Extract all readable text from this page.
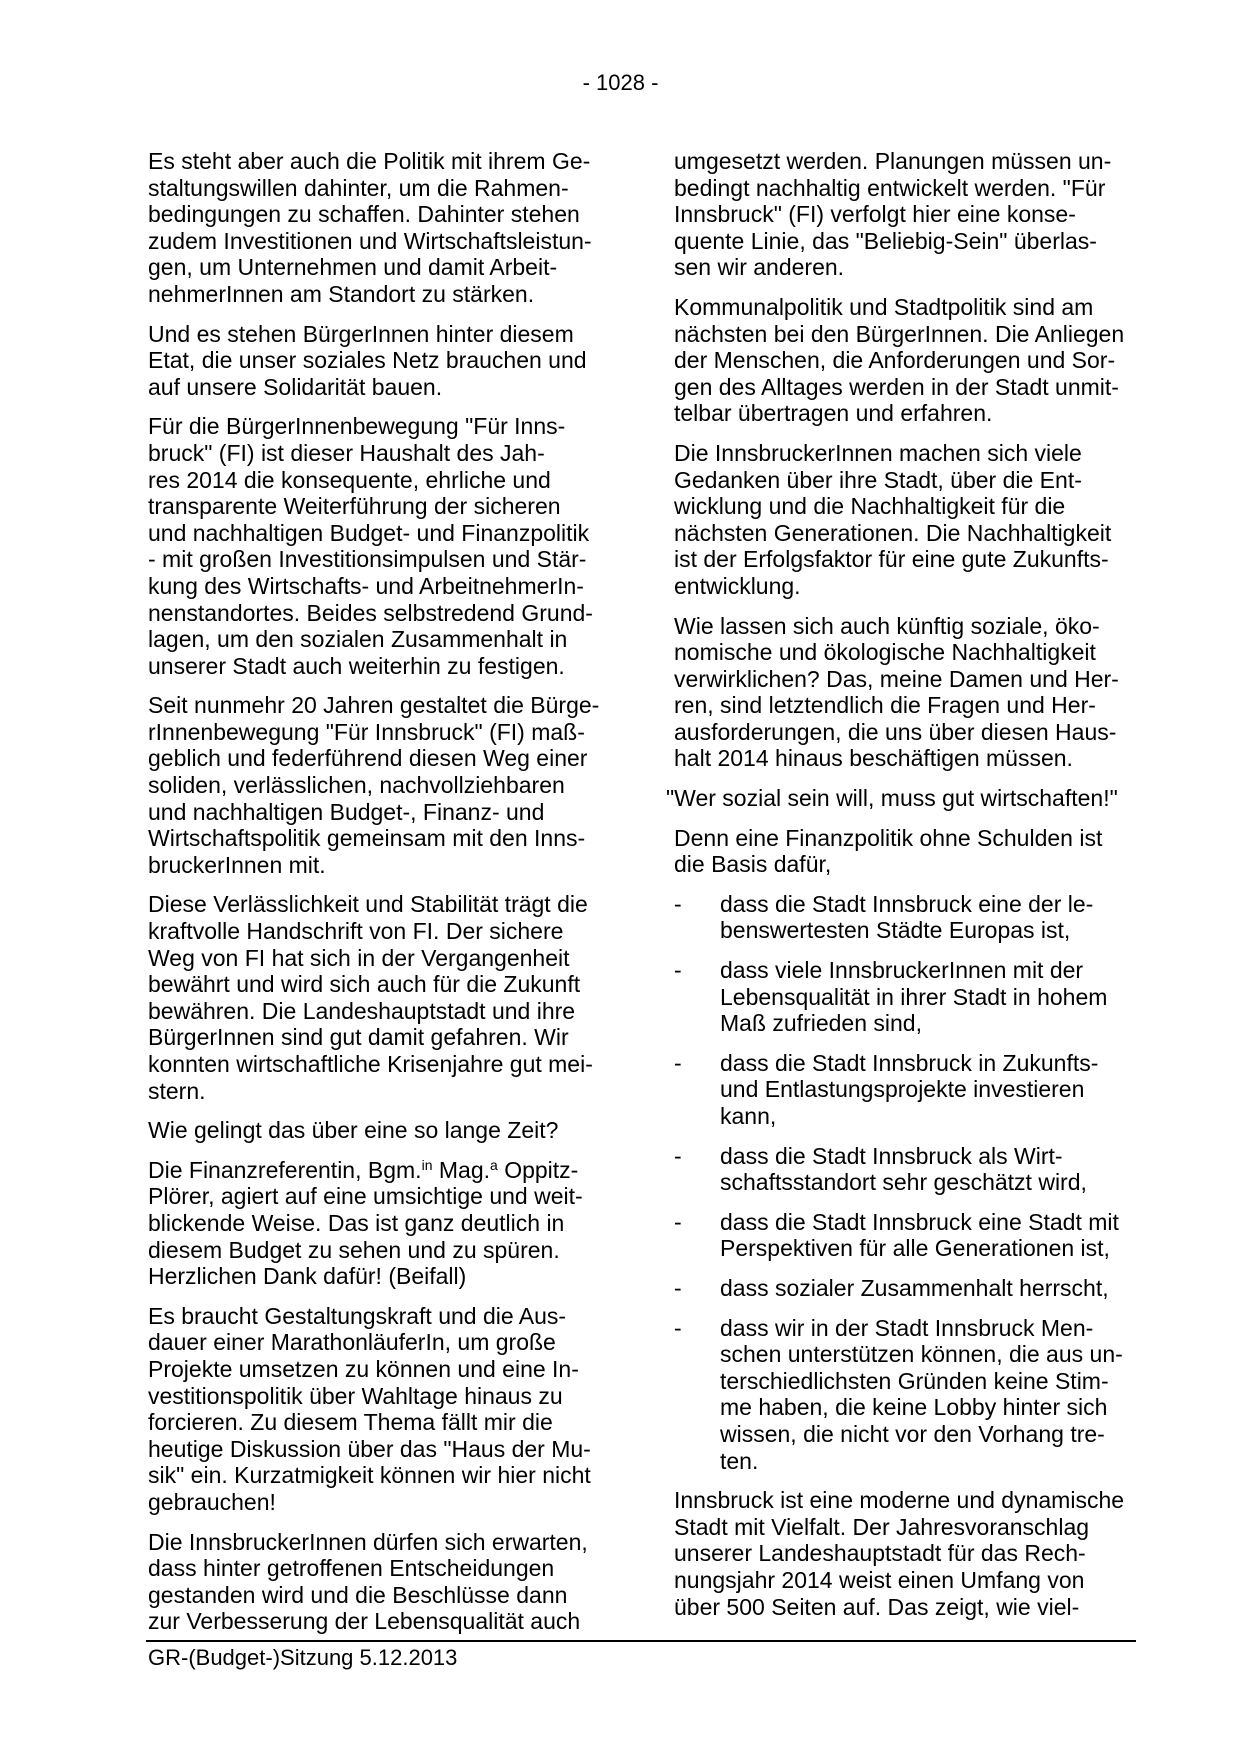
- 1028 -
Es steht aber auch die Politik mit ihrem Ge-
staltungswillen dahinter, um die Rahmen-
bedingungen zu schaffen. Dahinter stehen
zudem Investitionen und Wirtschaftsleistun-
gen, um Unternehmen und damit Arbeit-
nehmerInnen am Standort zu stärken.
Und es stehen BürgerInnen hinter diesem
Etat, die unser soziales Netz brauchen und
auf unsere Solidarität bauen.
Für die BürgerInnenbewegung "Für Inns-
bruck" (FI) ist dieser Haushalt des Jah-
res 2014 die konsequente, ehrliche und
transparente Weiterführung der sicheren
und nachhaltigen Budget- und Finanzpolitik
- mit großen Investitionsimpulsen und Stär-
kung des Wirtschafts- und ArbeitnehmerIn-
nenstandortes. Beides selbstredend Grund-
lagen, um den sozialen Zusammenhalt in
unserer Stadt auch weiterhin zu festigen.
Seit nunmehr 20 Jahren gestaltet die Bürge-
rInnenbewegung "Für Innsbruck" (FI) maß-
geblich und federführend diesen Weg einer
soliden, verlässlichen, nachvollziehbaren
und nachhaltigen Budget-, Finanz- und
Wirtschaftspolitik gemeinsam mit den Inns-
bruckerInnen mit.
Diese Verlässlichkeit und Stabilität trägt die
kraftvolle Handschrift von FI. Der sichere
Weg von FI hat sich in der Vergangenheit
bewährt und wird sich auch für die Zukunft
bewähren. Die Landeshauptstadt und ihre
BürgerInnen sind gut damit gefahren. Wir
konnten wirtschaftliche Krisenjahre gut mei-
stern.
Wie gelingt das über eine so lange Zeit?
Die Finanzreferentin, Bgm.$^{in}$ Mag.$^a$ Oppitz-
Plörer, agiert auf eine umsichtige und weit-
blickende Weise. Das ist ganz deutlich in
diesem Budget zu sehen und zu spüren.
Herzlichen Dank dafür! (Beifall)
Es braucht Gestaltungskraft und die Aus-
dauer einer MarathonläuferIn, um große
Projekte umsetzen zu können und eine In-
vestitionspolitik über Wahltage hinaus zu
forcieren. Zu diesem Thema fällt mir die
heutige Diskussion über das "Haus der Mu-
sik" ein. Kurzatmigkeit können wir hier nicht
gebrauchen!
Die InnsbruckerInnen dürfen sich erwarten,
dass hinter getroffenen Entscheidungen
gestanden wird und die Beschlüsse dann
zur Verbesserung der Lebensqualität auch
umgesetzt werden. Planungen müssen un-
bedingt nachhaltig entwickelt werden. "Für
Innsbruck" (FI) verfolgt hier eine konse-
quente Linie, das "Beliebig-Sein" überlas-
sen wir anderen.
Kommunalpolitik und Stadtpolitik sind am
nächsten bei den BürgerInnen. Die Anliegen
der Menschen, die Anforderungen und Sor-
gen des Alltages werden in der Stadt unmit-
telbar übertragen und erfahren.
Die InnsbruckerInnen machen sich viele
Gedanken über ihre Stadt, über die Ent-
wicklung und die Nachhaltigkeit für die
nächsten Generationen. Die Nachhaltigkeit
ist der Erfolgsfaktor für eine gute Zukunfts-
entwicklung.
Wie lassen sich auch künftig soziale, öko-
nomische und ökologische Nachhaltigkeit
verwirklichen? Das, meine Damen und Her-
ren, sind letztendlich die Fragen und Her-
ausforderungen, die uns über diesen Haus-
halt 2014 hinaus beschäftigen müssen.
"Wer sozial sein will, muss gut wirtschaften!"
Denn eine Finanzpolitik ohne Schulden ist
die Basis dafür,
-	dass die Stadt Innsbruck eine der le-
benswertesten Städte Europas ist,
-	dass viele InnsbruckerInnen mit der
Lebensqualität in ihrer Stadt in hohem
Maß zufrieden sind,
-	dass die Stadt Innsbruck in Zukunfts-
und Entlastungsprojekte investieren
kann,
-	dass die Stadt Innsbruck als Wirt-
schaftsstandort sehr geschätzt wird,
-	dass die Stadt Innsbruck eine Stadt mit
Perspektiven für alle Generationen ist,
-	dass sozialer Zusammenhalt herrscht,
-	dass wir in der Stadt Innsbruck Men-
schen unterstützen können, die aus un-
terschiedlichsten Gründen keine Stim-
me haben, die keine Lobby hinter sich
wissen, die nicht vor den Vorhang tre-
ten.
Innsbruck ist eine moderne und dynamische
Stadt mit Vielfalt. Der Jahresvoranschlag
unserer Landeshauptstadt für das Rech-
nungsjahr 2014 weist einen Umfang von
über 500 Seiten auf. Das zeigt, wie viel-
GR-(Budget-)Sitzung 5.12.2013
